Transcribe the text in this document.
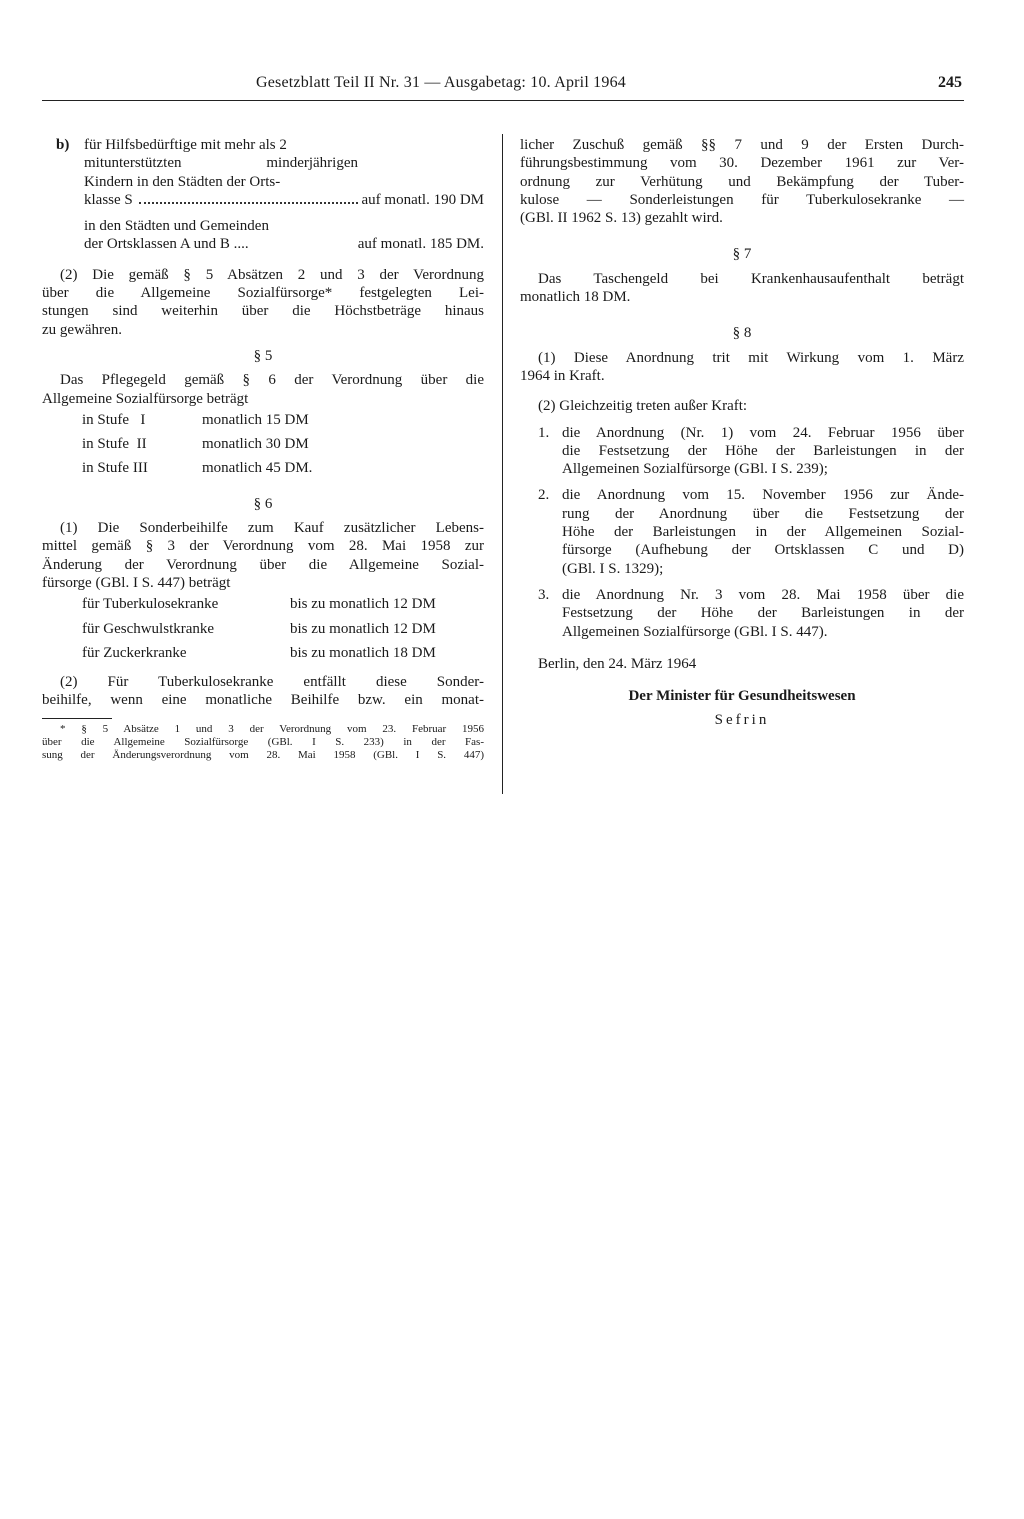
Gesetzblatt Teil II Nr. 31 — Ausgabetag: 10. April 1964	245
b) für Hilfsbedürftige mit mehr als 2

mitunterstützten	minderjährigen

Kindern in den Städten der Orts-

klasse S	auf monatl. 190 DM

in den Städten und Gemeinden

der Ortsklassen A und B ....	auf monatl. 185 DM.

(2) Die gemäß § 5 Absätzen 2 und 3 der Verordnung

über die Allgemeine Sozialfürsorge* festgelegten Lei-

stungen sind weiterhin über die Höchstbeträge hinaus

zu gewähren.

§ 5

Das Pflegegeld gemäß § 6 der Verordnung über die

Allgemeine Sozialfürsorge beträgt

in Stufe I	monatlich 15 DM
in Stufe II	monatlich 30 DM
in Stufe III	monatlich 45 DM.

§ 6

(1) Die Sonderbeihilfe zum Kauf zusätzlicher Lebens-

mittel gemäß § 3 der Verordnung vom 28. Mai 1958 zur

Änderung der Verordnung über die Allgemeine Sozial-

fürsorge (GBl. I S. 447) beträgt

für Tuberkulosekranke	bis zu monatlich 12 DM
für Geschwulstkranke	bis zu monatlich 12 DM
für Zuckerkranke	bis zu monatlich 18 DM

(2) Für Tuberkulosekranke entfällt diese Sonder-

beihilfe, wenn eine monatliche Beihilfe bzw. ein monat-

* § 5 Absätze 1 und 3 der Verordnung vom 23. Februar 1956

über die Allgemeine Sozialfürsorge (GBl. I S. 233) in der Fas-

sung der Änderungsverordnung vom 28. Mai 1958 (GBl. I S. 447)

licher Zuschuß gemäß §§ 7 und 9 der Ersten Durch-

führungsbestimmung vom 30. Dezember 1961 zur Ver-

ordnung zur Verhütung und Bekämpfung der Tuber-

kulose — Sonderleistungen für Tuberkulosekranke —

(GBl. II 1962 S. 13) gezahlt wird.

§ 7

Das Taschengeld bei Krankenhausaufenthalt beträgt

monatlich 18 DM.

§ 8

(1) Diese Anordnung trit mit Wirkung vom 1. März

1964 in Kraft.

(2) Gleichzeitig treten außer Kraft:

1. die Anordnung (Nr. 1) vom 24. Februar 1956 über

die Festsetzung der Höhe der Barleistungen in der

Allgemeinen Sozialfürsorge (GBl. I S. 239);

2. die Anordnung vom 15. November 1956 zur Ände-

rung der Anordnung über die Festsetzung der

Höhe der Barleistungen in der Allgemeinen Sozial-

fürsorge (Aufhebung der Ortsklassen C und D)

(GBl. I S. 1329);

3. die Anordnung Nr. 3 vom 28. Mai 1958 über die

Festsetzung der Höhe der Barleistungen in der

Allgemeinen Sozialfürsorge (GBl. I S. 447).

Berlin, den 24. März 1964

Der Minister für Gesundheitswesen

Sefrin
